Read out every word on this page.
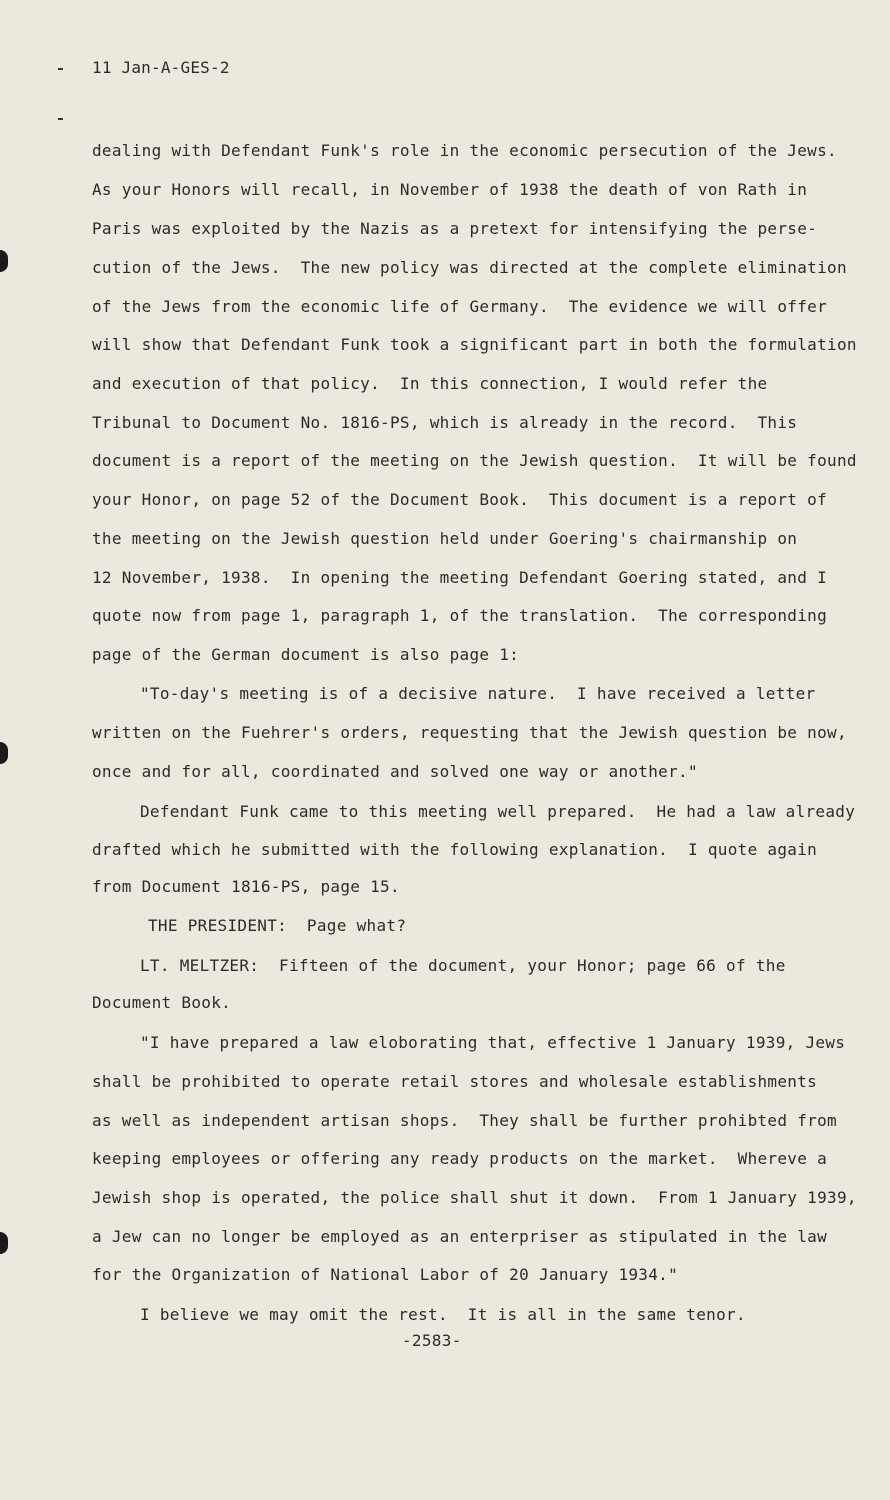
11 Jan-A-GES-2
dealing with Defendant Funk's role in the economic persecution of the Jews.
As your Honors will recall, in November of 1938 the death of von Rath in
Paris was exploited by the Nazis as a pretext for intensifying the perse-
cution of the Jews.  The new policy was directed at the complete elimination
of the Jews from the economic life of Germany.  The evidence we will offer
will show that Defendant Funk took a significant part in both the formulation
and execution of that policy.  In this connection, I would refer the
Tribunal to Document No. 1816-PS, which is already in the record.  This
document is a report of the meeting on the Jewish question.  It will be found
your Honor, on page 52 of the Document Book.  This document is a report of
the meeting on the Jewish question held under Goering's chairmanship on
12 November, 1938.  In opening the meeting Defendant Goering stated, and I
quote now from page 1, paragraph 1, of the translation.  The corresponding
page of the German document is also page 1:
"To-day's meeting is of a decisive nature.  I have received a letter
written on the Fuehrer's orders, requesting that the Jewish question be now,
once and for all, coordinated and solved one way or another."
Defendant Funk came to this meeting well prepared.  He had a law already
drafted which he submitted with the following explanation.  I quote again
from Document 1816-PS, page 15.
THE PRESIDENT:  Page what?
LT. MELTZER:  Fifteen of the document, your Honor; page 66 of the
Document Book.
"I have prepared a law eloborating that, effective 1 January 1939, Jews
shall be prohibited to operate retail stores and wholesale establishments
as well as independent artisan shops.  They shall be further prohibted from
keeping employees or offering any ready products on the market.  Whereve a
Jewish shop is operated, the police shall shut it down.  From 1 January 1939,
a Jew can no longer be employed as an enterpriser as stipulated in the law
for the Organization of National Labor of 20 January 1934."
I believe we may omit the rest.  It is all in the same tenor.
-2583-
